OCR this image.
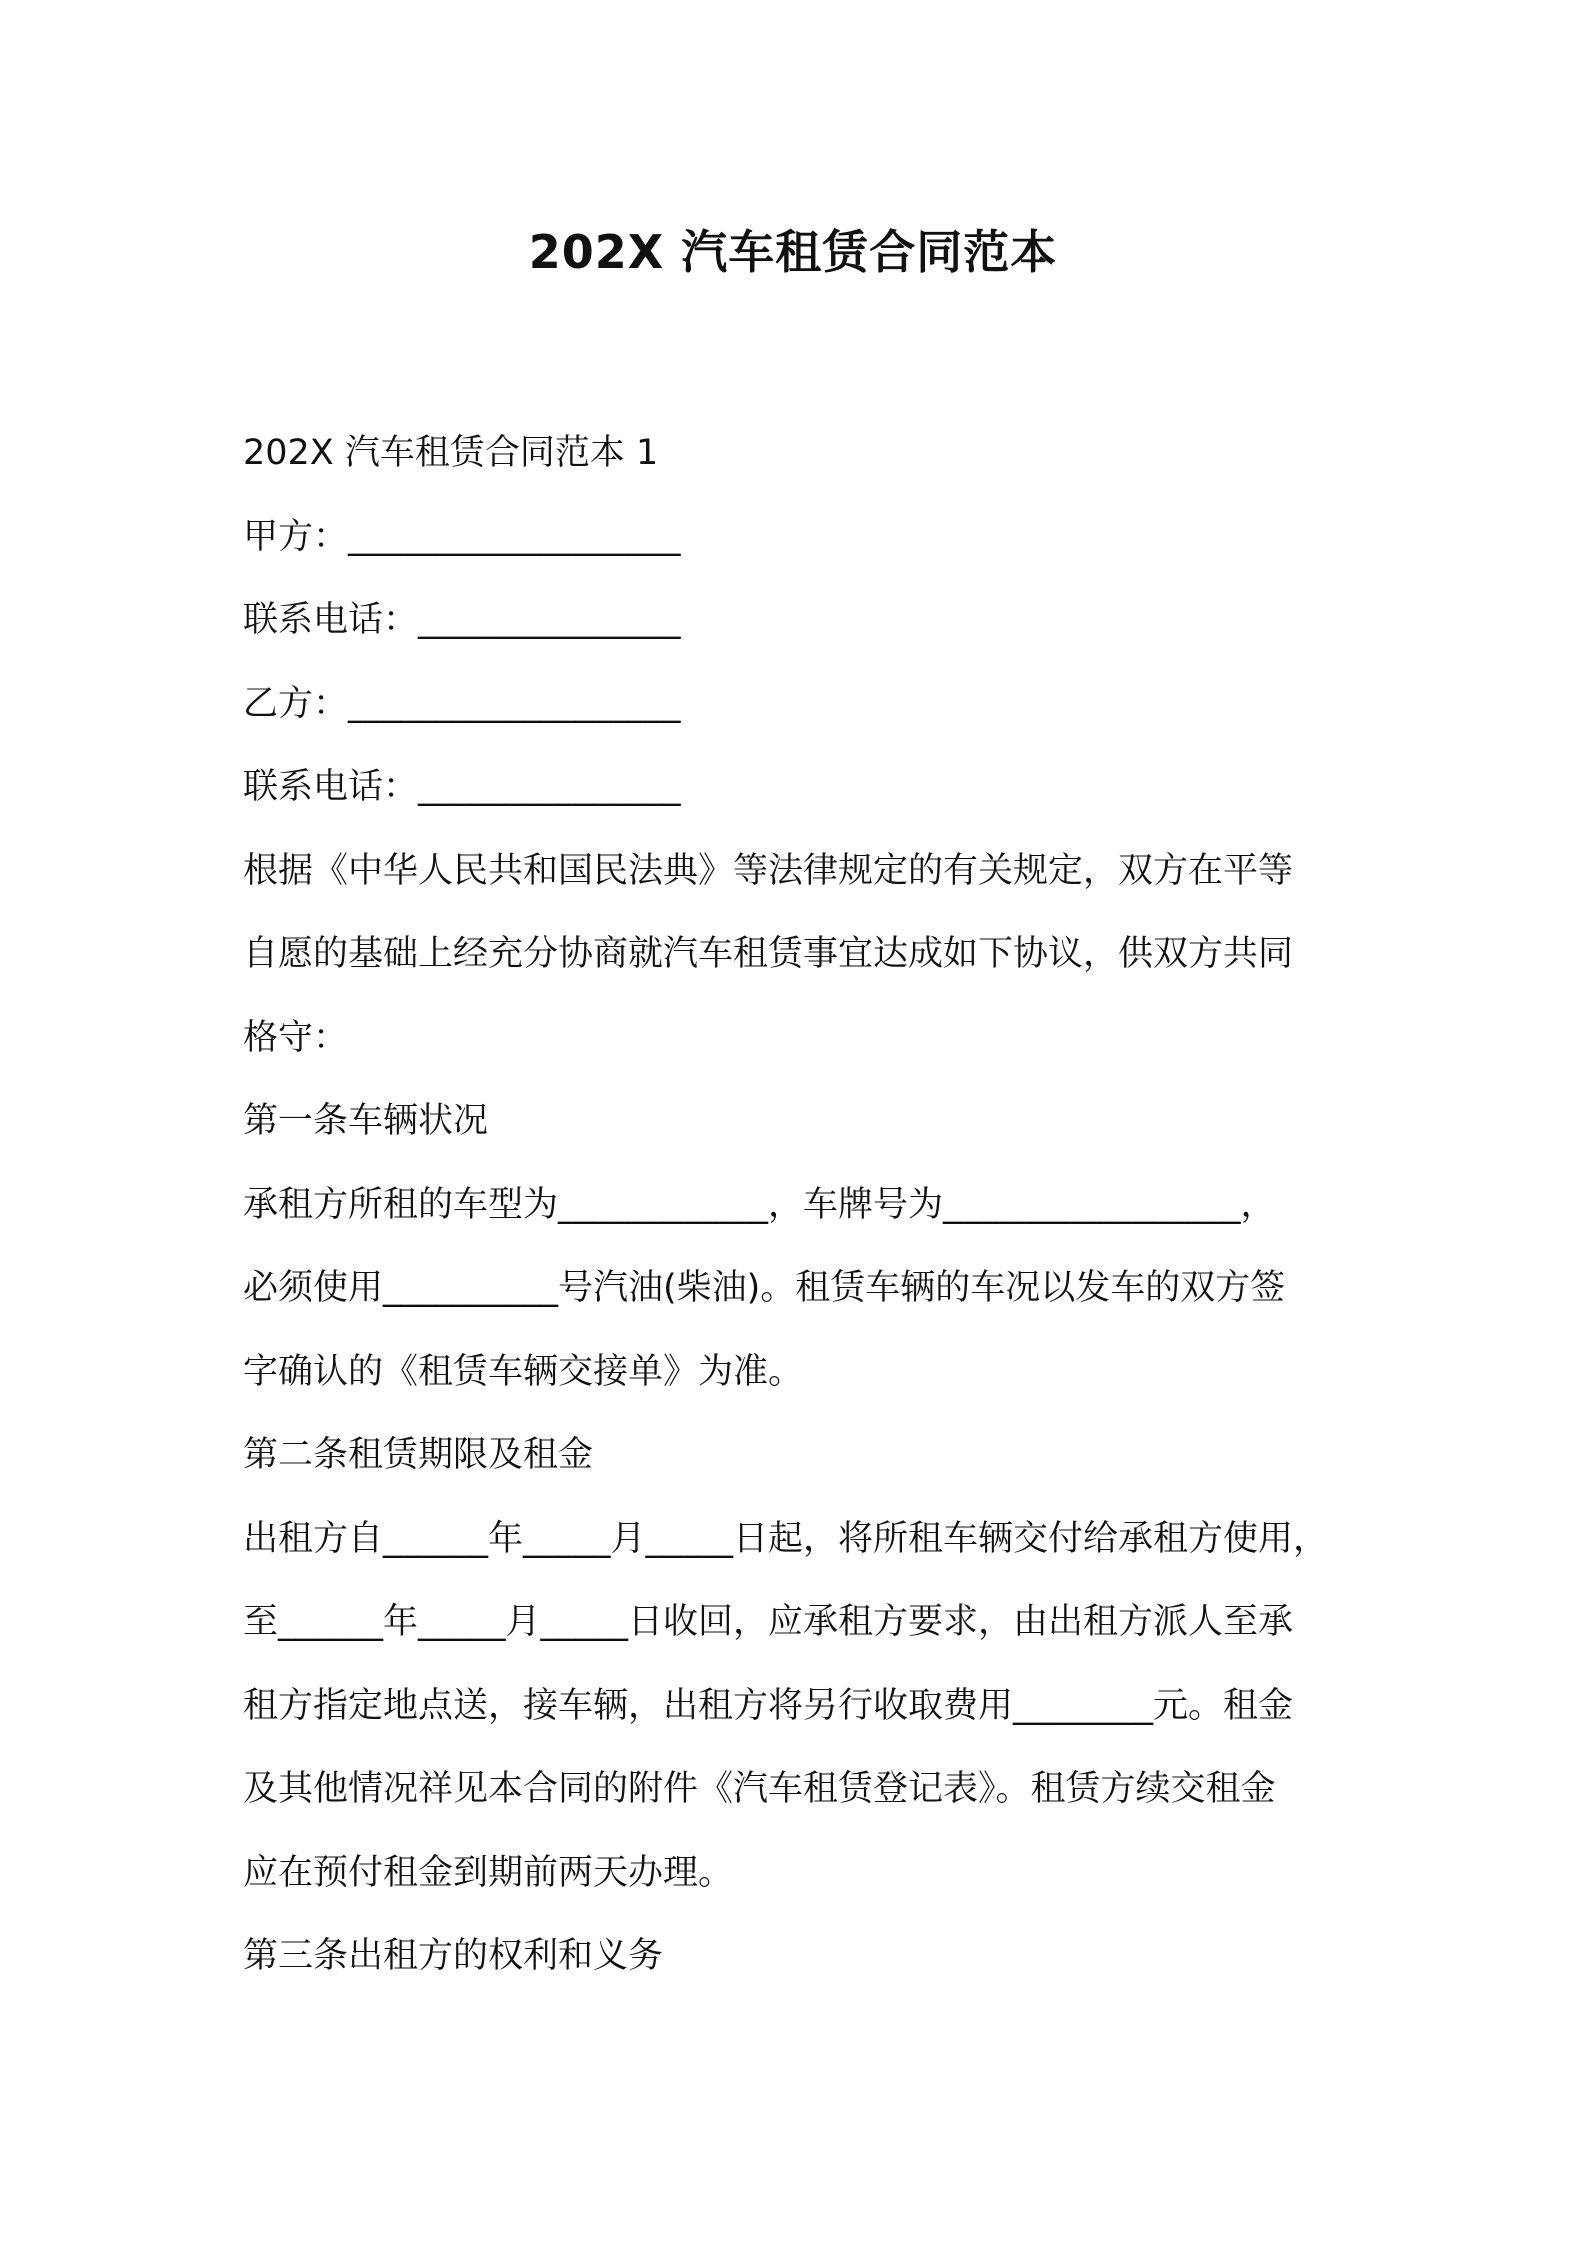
202X 汽车租赁合同范本
202X 汽车租赁合同范本 1
甲方：___________________
联系电话：_______________
乙方：___________________
联系电话：_______________
根据《中华人民共和国民法典》等法律规定的有关规定，双方在平等
自愿的基础上经充分协商就汽车租赁事宜达成如下协议，供双方共同
格守：
第一条车辆状况
承租方所租的车型为____________，车牌号为_________________，
必须使用__________号汽油(柴油)。租赁车辆的车况以发车的双方签
字确认的《租赁车辆交接单》为准。
第二条租赁期限及租金
出租方自______年_____月_____日起，将所租车辆交付给承租方使用，
至______年_____月_____日收回，应承租方要求，由出租方派人至承
租方指定地点送，接车辆，出租方将另行收取费用________元。租金
及其他情况祥见本合同的附件《汽车租赁登记表》。租赁方续交租金
应在预付租金到期前两天办理。
第三条出租方的权利和义务
